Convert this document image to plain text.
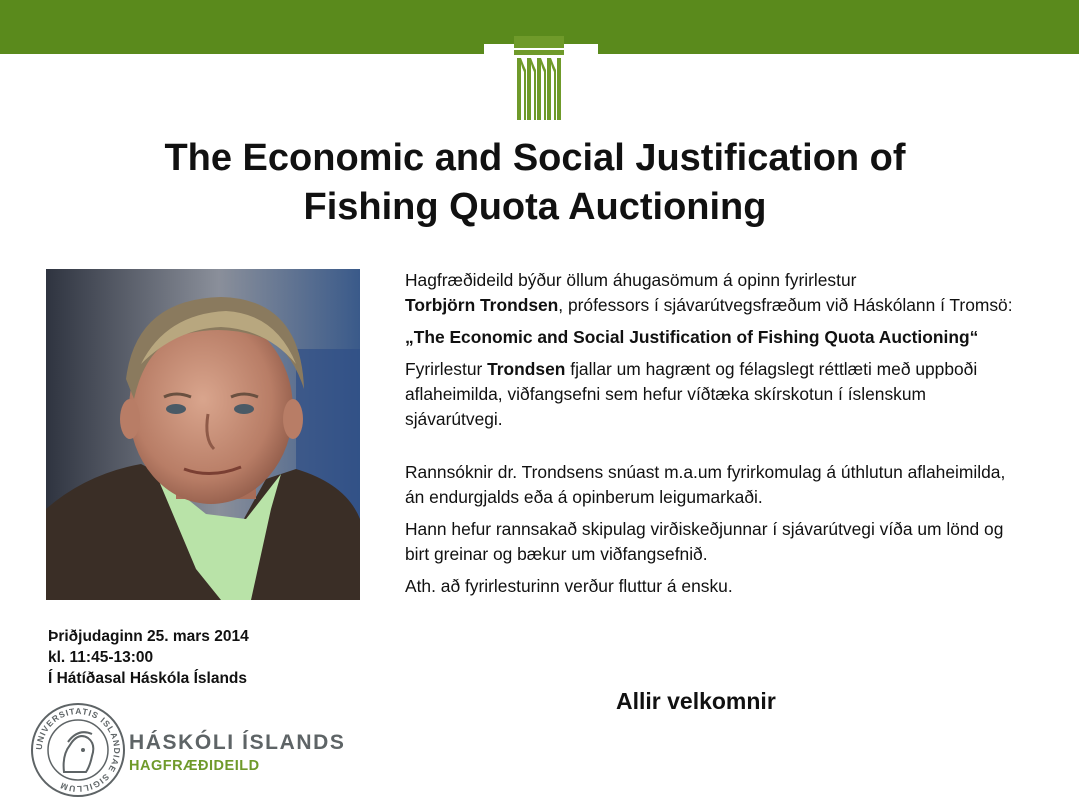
The Economic and Social Justification of
Fishing Quota Auctioning
Þriðjudaginn 25. mars 2014
kl. 11:45-13:00
Í Hátíðasal Háskóla Íslands

Hagfræðideild býður öllum áhugasömum á opinn fyrirlestur
Torbjörn Trondsen, prófessors í sjávarútvegsfræðum við Háskólann í Tromsö:

„The Economic and Social Justification of Fishing Quota Auctioning“

Fyrirlestur Trondsen fjallar um hagrænt og félagslegt réttlæti með uppboði aflaheimilda, viðfangsefni sem hefur víðtæka skírskotun í íslenskum sjávarútvegi.

Rannsóknir dr. Trondsens snúast m.a.um fyrirkomulag á úthlutun aflaheimilda, án endurgjalds eða á opinberum leigumarkaði.

Hann hefur rannsakað skipulag virðiskeðjunnar í sjávarútvegi víða um lönd og birt greinar og bækur um viðfangsefnið.

Ath. að fyrirlesturinn verður fluttur á ensku.

Allir velkomnir
UNIVERSITATIS ISLANDIAE SIGILLUM
HÁSKÓLI ÍSLANDS
HAGFRÆÐIDEILD
